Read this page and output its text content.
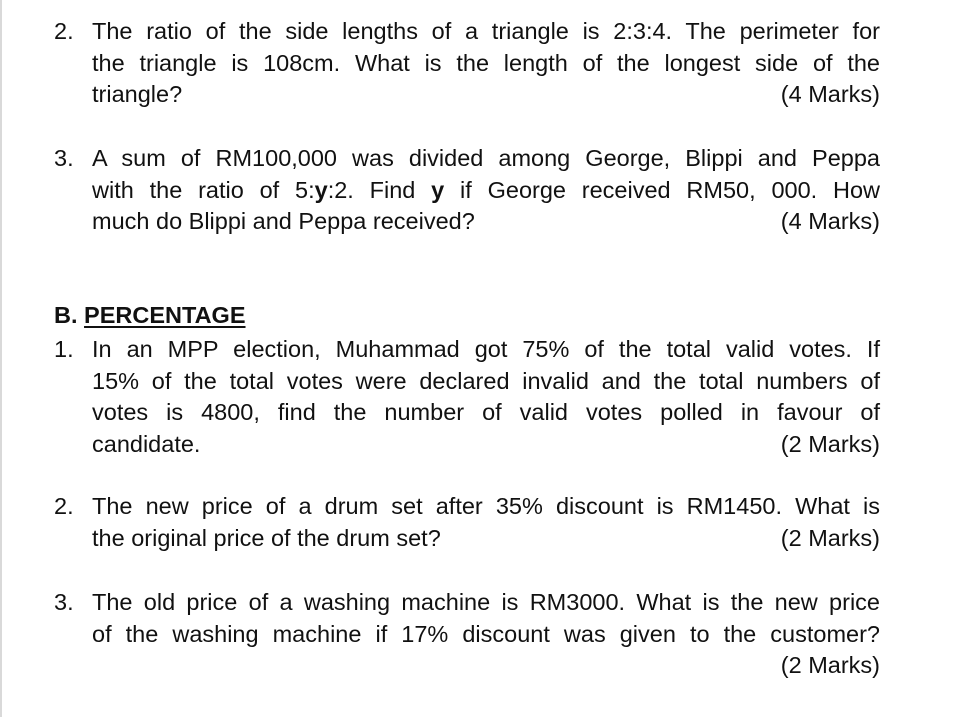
2. The ratio of the side lengths of a triangle is 2:3:4. The perimeter for
the triangle is 108cm. What is the length of the longest side of the
triangle?	(4 Marks)
3. A sum of RM100,000 was divided among George, Blippi and Peppa
with the ratio of 5:y:2. Find y if George received RM50, 000. How
much do Blippi and Peppa received?	(4 Marks)
B. PERCENTAGE
1. In an MPP election, Muhammad got 75% of the total valid votes. If
15% of the total votes were declared invalid and the total numbers of
votes is 4800, find the number of valid votes polled in favour of
candidate.	(2 Marks)
2. The new price of a drum set after 35% discount is RM1450. What is
the original price of the drum set?	(2 Marks)
3. The old price of a washing machine is RM3000. What is the new price
of the washing machine if 17% discount was given to the customer?
(2 Marks)
